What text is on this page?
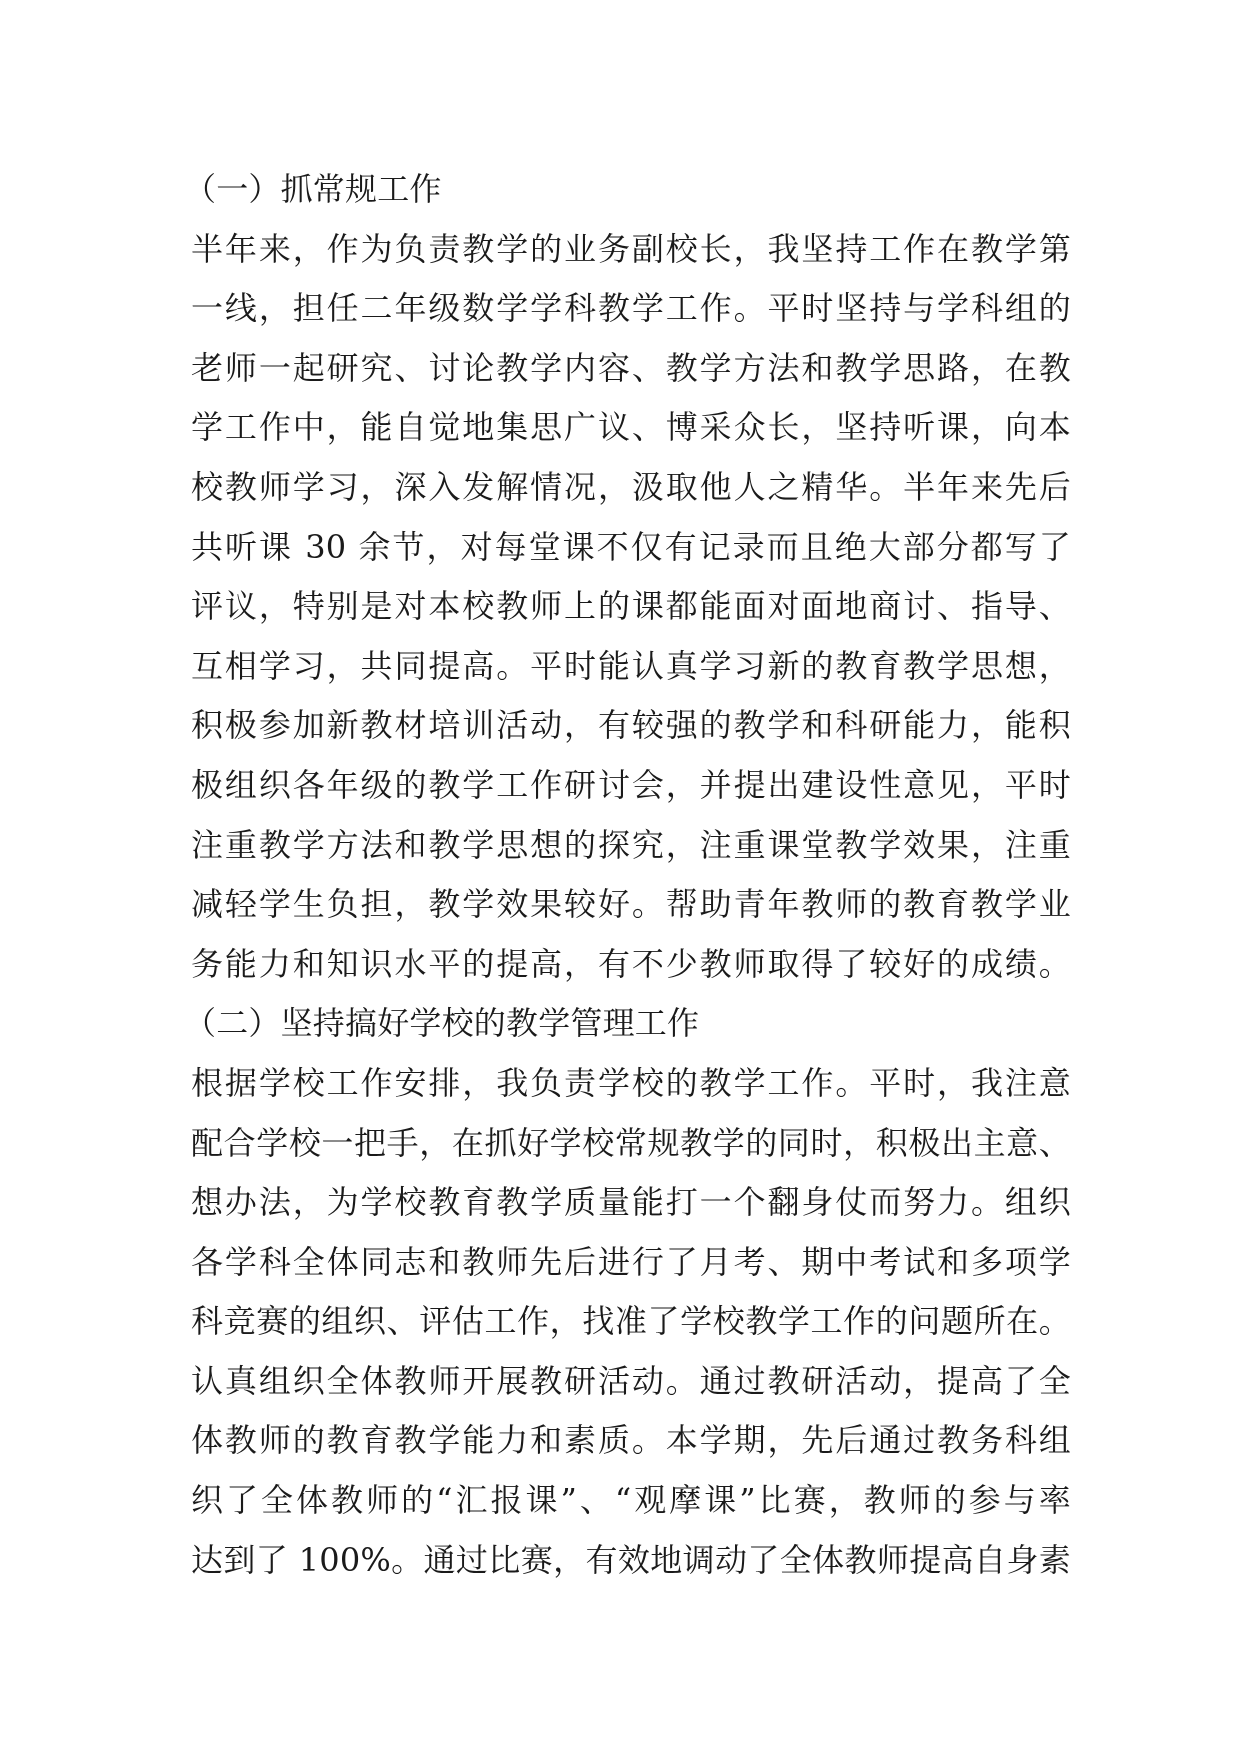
（一）抓常规工作
半年来，作为负责教学的业务副校长，我坚持工作在教学第
一线，担任二年级数学学科教学工作。平时坚持与学科组的
老师一起研究、讨论教学内容、教学方法和教学思路，在教
学工作中，能自觉地集思广议、博采众长，坚持听课，向本
校教师学习，深入发解情况，汲取他人之精华。半年来先后
共听课 30 余节，对每堂课不仅有记录而且绝大部分都写了
评议，特别是对本校教师上的课都能面对面地商讨、指导、
互相学习，共同提高。平时能认真学习新的教育教学思想，
积极参加新教材培训活动，有较强的教学和科研能力，能积
极组织各年级的教学工作研讨会，并提出建设性意见，平时
注重教学方法和教学思想的探究，注重课堂教学效果，注重
减轻学生负担，教学效果较好。帮助青年教师的教育教学业
务能力和知识水平的提高，有不少教师取得了较好的成绩。
（二）坚持搞好学校的教学管理工作
根据学校工作安排，我负责学校的教学工作。平时，我注意
配合学校一把手，在抓好学校常规教学的同时，积极出主意、
想办法，为学校教育教学质量能打一个翻身仗而努力。组织
各学科全体同志和教师先后进行了月考、期中考试和多项学
科竞赛的组织、评估工作，找准了学校教学工作的问题所在。
认真组织全体教师开展教研活动。通过教研活动，提高了全
体教师的教育教学能力和素质。本学期，先后通过教务科组
织了全体教师的“汇报课”、“观摩课”比赛，教师的参与率
达到了 100%。通过比赛，有效地调动了全体教师提高自身素
